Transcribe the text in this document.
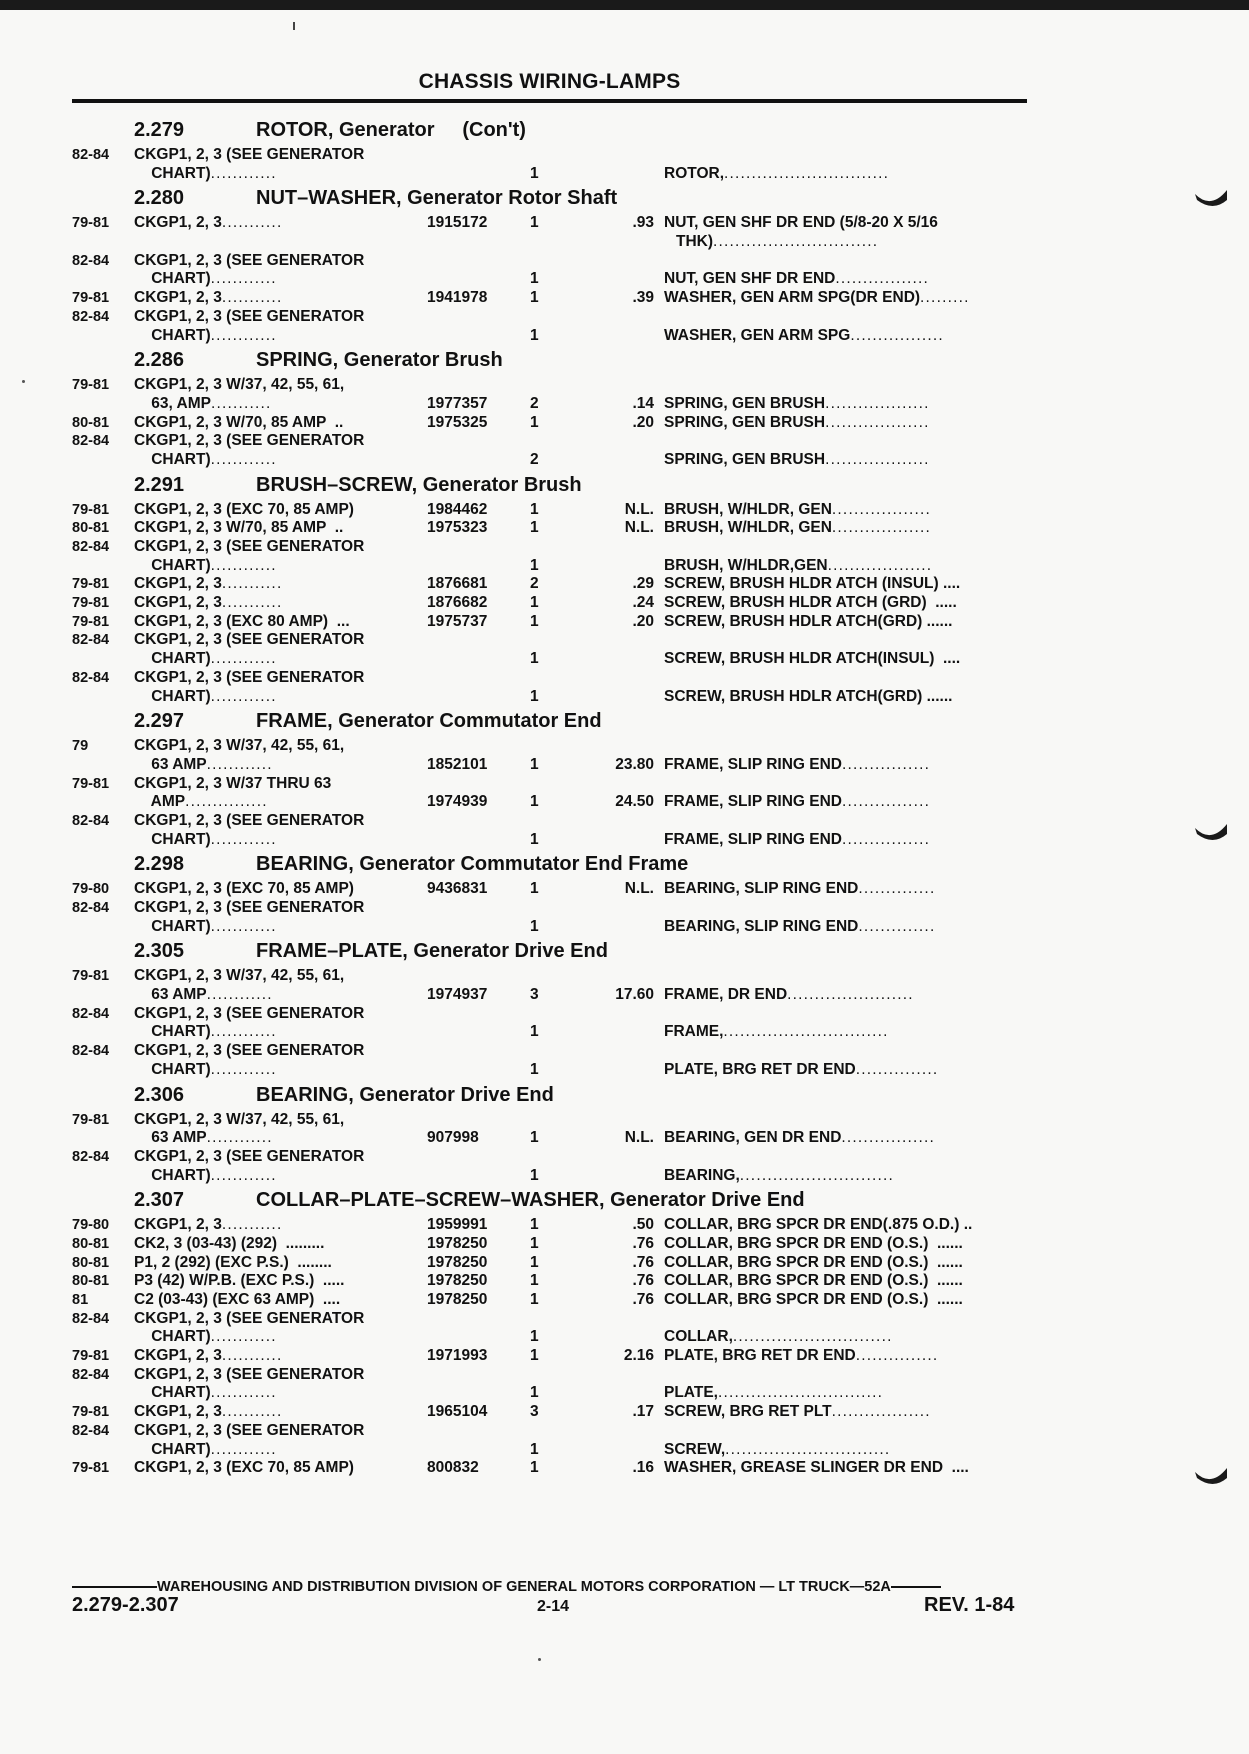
CHASSIS WIRING-LAMPS
2.279	ROTOR, Generator     (Con't)
82-84 CKGP1, 2, 3 (SEE GENERATOR
CHART) ............	1	ROTOR, ..............................
2.280	NUT–WASHER, Generator Rotor Shaft
79-81 CKGP1, 2, 3 ...........	1915172	1	.93 NUT, GEN SHF DR END (5/8-20 X 5/16
THK) ..............................
82-84 CKGP1, 2, 3 (SEE GENERATOR
CHART) ............	1	NUT, GEN SHF DR END .................
79-81 CKGP1, 2, 3 ...........	1941978	1	.39 WASHER, GEN ARM SPG(DR END) .........
82-84 CKGP1, 2, 3 (SEE GENERATOR
CHART) ............	1	WASHER, GEN ARM SPG .................
2.286	SPRING, Generator Brush
79-81 CKGP1, 2, 3 W/37, 42, 55, 61,
63, AMP ...........	1977357	2	.14 SPRING, GEN BRUSH ...................
80-81 CKGP1, 2, 3 W/70, 85 AMP  ..	1975325	1	.20 SPRING, GEN BRUSH ...................
82-84 CKGP1, 2, 3 (SEE GENERATOR
CHART) ............	2	SPRING, GEN BRUSH ...................
2.291	BRUSH–SCREW, Generator Brush
79-81 CKGP1, 2, 3 (EXC 70, 85 AMP)	1984462	1	N.L. BRUSH, W/HLDR, GEN ..................
80-81 CKGP1, 2, 3 W/70, 85 AMP  ..	1975323	1	N.L. BRUSH, W/HLDR, GEN ..................
82-84 CKGP1, 2, 3 (SEE GENERATOR
CHART) ............	1	BRUSH, W/HLDR,GEN ...................
79-81 CKGP1, 2, 3 ...........	1876681	2	.29 SCREW, BRUSH HLDR ATCH (INSUL) ....
79-81 CKGP1, 2, 3 ...........	1876682	1	.24 SCREW, BRUSH HLDR ATCH (GRD)  .....
79-81 CKGP1, 2, 3 (EXC 80 AMP)  ...	1975737	1	.20 SCREW, BRUSH HDLR ATCH(GRD) ......
82-84 CKGP1, 2, 3 (SEE GENERATOR
CHART) ............	1	SCREW, BRUSH HLDR ATCH(INSUL)  ....
82-84 CKGP1, 2, 3 (SEE GENERATOR
CHART) ............	1	SCREW, BRUSH HDLR ATCH(GRD) ......
2.297	FRAME, Generator Commutator End
79	CKGP1, 2, 3 W/37, 42, 55, 61,
63 AMP ............	1852101	1	23.80 FRAME, SLIP RING END ................
79-81 CKGP1, 2, 3 W/37 THRU 63
AMP ...............	1974939	1	24.50 FRAME, SLIP RING END ................
82-84 CKGP1, 2, 3 (SEE GENERATOR
CHART) ............	1	FRAME, SLIP RING END ................
2.298	BEARING, Generator Commutator End Frame
79-80 CKGP1, 2, 3 (EXC 70, 85 AMP)	9436831	1	N.L. BEARING, SLIP RING END ..............
82-84 CKGP1, 2, 3 (SEE GENERATOR
CHART) ............	1	BEARING, SLIP RING END ..............
2.305	FRAME–PLATE, Generator Drive End
79-81 CKGP1, 2, 3 W/37, 42, 55, 61,
63 AMP ............	1974937	3	17.60 FRAME, DR END .......................
82-84 CKGP1, 2, 3 (SEE GENERATOR
CHART) ............	1	FRAME, ..............................
82-84 CKGP1, 2, 3 (SEE GENERATOR
CHART) ............	1	PLATE, BRG RET DR END ...............
2.306	BEARING, Generator Drive End
79-81 CKGP1, 2, 3 W/37, 42, 55, 61,
63 AMP ............	907998	1	N.L. BEARING, GEN DR END .................
82-84 CKGP1, 2, 3 (SEE GENERATOR
CHART) ............	1	BEARING, ............................
2.307	COLLAR–PLATE–SCREW–WASHER, Generator Drive End
79-80 CKGP1, 2, 3 ...........	1959991	1	.50 COLLAR, BRG SPCR DR END(.875 O.D.) ..
80-81 CK2, 3 (03-43) (292)  .........	1978250	1	.76 COLLAR, BRG SPCR DR END (O.S.)  ......
80-81 P1, 2 (292) (EXC P.S.)  ........	1978250	1	.76 COLLAR, BRG SPCR DR END (O.S.)  ......
80-81 P3 (42) W/P.B. (EXC P.S.)  .....	1978250	1	.76 COLLAR, BRG SPCR DR END (O.S.)  ......
81	C2 (03-43) (EXC 63 AMP)  ....	1978250	1	.76 COLLAR, BRG SPCR DR END (O.S.)  ......
82-84 CKGP1, 2, 3 (SEE GENERATOR
CHART) ............	1	COLLAR, .............................
79-81 CKGP1, 2, 3 ...........	1971993	1	2.16 PLATE, BRG RET DR END ...............
82-84 CKGP1, 2, 3 (SEE GENERATOR
CHART) ............	1	PLATE, ..............................
79-81 CKGP1, 2, 3 ...........	1965104	3	.17 SCREW, BRG RET PLT ..................
82-84 CKGP1, 2, 3 (SEE GENERATOR
CHART) ............	1	SCREW, ..............................
79-81 CKGP1, 2, 3 (EXC 70, 85 AMP)	800832	1	.16 WASHER, GREASE SLINGER DR END  ....
WAREHOUSING AND DISTRIBUTION DIVISION OF GENERAL MOTORS CORPORATION — LT TRUCK—52A
2.279-2.307	2-14	REV. 1-84
